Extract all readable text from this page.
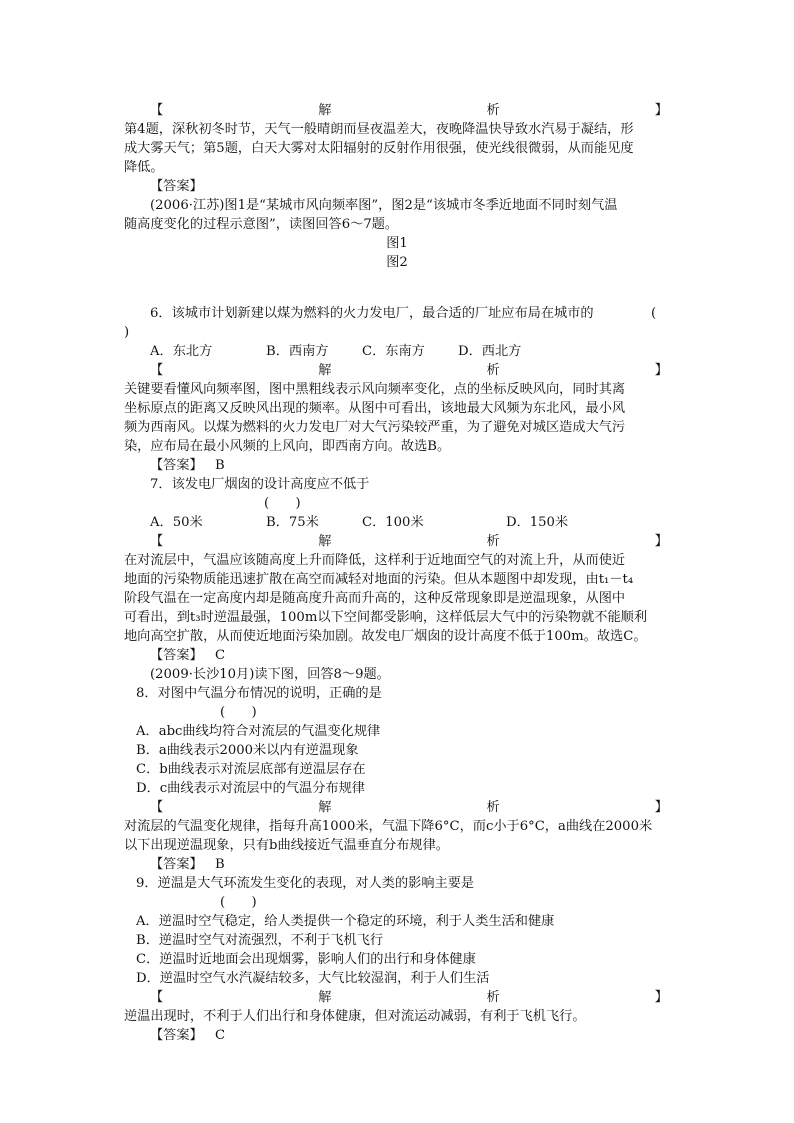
【	解	析	】
第4题，深秋初冬时节，天气一般晴朗而昼夜温差大，夜晚降温快导致水汽易于凝结，形
成大雾天气；第5题，白天大雾对太阳辐射的反射作用很强，使光线很微弱，从而能见度
降低。
【答案】
(2006·江苏)图1是“某城市风向频率图”，图2是“该城市冬季近地面不同时刻气温
随高度变化的过程示意图”，读图回答6～7题。
图1
图2
6．该城市计划新建以煤为燃料的火力发电厂，最合适的厂址应布局在城市的	(
)
A．东北方	B．西南方	C．东南方	D．西北方
【	解	析	】
关键要看懂风向频率图，图中黑粗线表示风向频率变化，点的坐标反映风向，同时其离
坐标原点的距离又反映风出现的频率。从图中可看出，该地最大风频为东北风，最小风
频为西南风。以煤为燃料的火力发电厂对大气污染较严重，为了避免对城区造成大气污
染，应布局在最小风频的上风向，即西南方向。故选B。
【答案】 B
7．该发电厂烟囱的设计高度应不低于
(　　)
A．50米	B．75米	C．100米	D．150米
【	解	析	】
在对流层中，气温应该随高度上升而降低，这样利于近地面空气的对流上升，从而使近
地面的污染物质能迅速扩散在高空而减轻对地面的污染。但从本题图中却发现，由t₁－t₄
阶段气温在一定高度内却是随高度升高而升高的，这种反常现象即是逆温现象，从图中
可看出，到t₃时逆温最强，100m以下空间都受影响，这样低层大气中的污染物就不能顺利
地向高空扩散，从而使近地面污染加剧。故发电厂烟囱的设计高度不低于100m。故选C。
【答案】 C
(2009·长沙10月)读下图，回答8～9题。
8．对图中气温分布情况的说明，正确的是
(　　)
A．abc曲线均符合对流层的气温变化规律
B．a曲线表示2000米以内有逆温现象
C．b曲线表示对流层底部有逆温层存在
D．c曲线表示对流层中的气温分布规律
【	解	析	】
对流层的气温变化规律，指每升高1000米，气温下降6°C，而c小于6°C，a曲线在2000米
以下出现逆温现象，只有b曲线接近气温垂直分布规律。
【答案】 B
9．逆温是大气环流发生变化的表现，对人类的影响主要是
(　　)
A．逆温时空气稳定，给人类提供一个稳定的环境，利于人类生活和健康
B．逆温时空气对流强烈，不利于飞机飞行
C．逆温时近地面会出现烟雾，影响人们的出行和身体健康
D．逆温时空气水汽凝结较多，大气比较湿润，利于人们生活
【	解	析	】
逆温出现时，不利于人们出行和身体健康，但对流运动减弱，有利于飞机飞行。
【答案】 C
